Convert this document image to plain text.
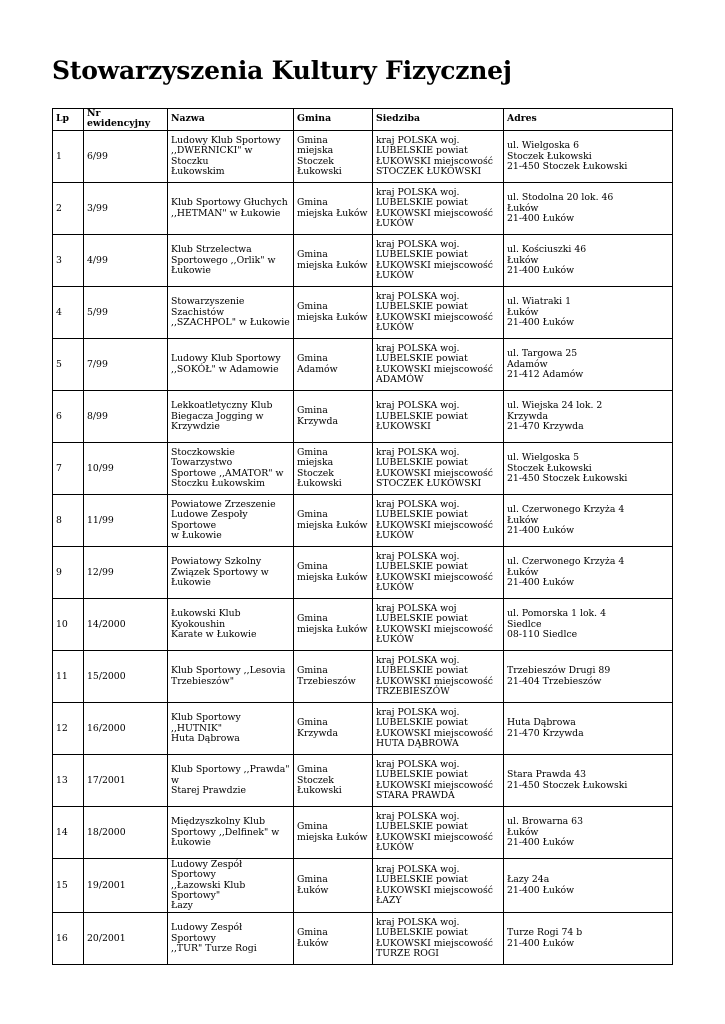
Stowarzyszenia Kultury Fizycznej
Lp	Nr ewidencyjny	Nazwa	Gmina	Siedziba	Adres
1	6/99	Ludowy Klub Sportowy
,,DWERNICKI" w Stoczku
Łukowskim	Gmina
miejska
Stoczek
Łukowski	kraj POLSKA woj.
LUBELSKIE powiat
ŁUKOWSKI miejscowość
STOCZEK ŁUKOWSKI	ul. Wielgoska 6
Stoczek Łukowski
21-450 Stoczek Łukowski
2	3/99	Klub Sportowy Głuchych
,,HETMAN" w Łukowie	Gmina
miejska Łuków	kraj POLSKA woj.
LUBELSKIE powiat
ŁUKOWSKI miejscowość
ŁUKÓW	ul. Stodolna 20 lok. 46
Łuków
21-400 Łuków
3	4/99	Klub Strzelectwa
Sportowego ,,Orlik" w
Łukowie	Gmina
miejska Łuków	kraj POLSKA woj.
LUBELSKIE powiat
ŁUKOWSKI miejscowość
ŁUKÓW	ul. Kościuszki 46
Łuków
21-400 Łuków
4	5/99	Stowarzyszenie Szachistów
,,SZACHPOL" w Łukowie	Gmina
miejska Łuków	kraj POLSKA woj.
LUBELSKIE powiat
ŁUKOWSKI miejscowość
ŁUKÓW	ul. Wiatraki 1
Łuków
21-400 Łuków
5	7/99	Ludowy Klub Sportowy
,,SOKÓŁ" w Adamowie	Gmina
Adamów	kraj POLSKA woj.
LUBELSKIE powiat
ŁUKOWSKI miejscowość
ADAMÓW	ul. Targowa 25
Adamów
21-412 Adamów
6	8/99	Lekkoatletyczny Klub
Biegacza Jogging w
Krzywdzie	Gmina
Krzywda	kraj POLSKA woj.
LUBELSKIE powiat
ŁUKOWSKI	ul. Wiejska 24 lok. 2
Krzywda
21-470 Krzywda
7	10/99	Stoczkowskie Towarzystwo
Sportowe ,,AMATOR" w
Stoczku Łukowskim	Gmina
miejska
Stoczek
Łukowski	kraj POLSKA woj.
LUBELSKIE powiat
ŁUKOWSKI miejscowość
STOCZEK ŁUKOWSKI	ul. Wielgoska 5
Stoczek Łukowski
21-450 Stoczek Łukowski
8	11/99	Powiatowe Zrzeszenie
Ludowe Zespoły Sportowe
w Łukowie	Gmina
miejska Łuków	kraj POLSKA woj.
LUBELSKIE powiat
ŁUKOWSKI miejscowość
ŁUKÓW	ul. Czerwonego Krzyża 4
Łuków
21-400 Łuków
9	12/99	Powiatowy Szkolny
Związek Sportowy w
Łukowie	Gmina
miejska Łuków	kraj POLSKA woj.
LUBELSKIE powiat
ŁUKOWSKI miejscowość
ŁUKÓW	ul. Czerwonego Krzyża 4
Łuków
21-400 Łuków
10	14/2000	Łukowski Klub Kyokoushin
Karate w Łukowie	Gmina
miejska Łuków	kraj POLSKA woj
LUBELSKIE powiat
ŁUKOWSKI miejscowość
ŁUKÓW	ul. Pomorska 1 lok. 4
Siedlce
08-110 Siedlce
11	15/2000	Klub Sportowy ,,Lesovia
Trzebieszów"	Gmina
Trzebieszów	kraj POLSKA woj.
LUBELSKIE powiat
ŁUKOWSKI miejscowość
TRZEBIESZÓW	Trzebieszów Drugi 89
21-404 Trzebieszów
12	16/2000	Klub Sportowy ,,HUTNIK"
Huta Dąbrowa	Gmina
Krzywda	kraj POLSKA woj.
LUBELSKIE powiat
ŁUKOWSKI miejscowość
HUTA DĄBROWA	Huta Dąbrowa
21-470 Krzywda
13	17/2001	Klub Sportowy ,,Prawda" w
Starej Prawdzie	Gmina
Stoczek
Łukowski	kraj POLSKA woj.
LUBELSKIE powiat
ŁUKOWSKI miejscowość
STARA PRAWDA	Stara Prawda 43
21-450 Stoczek Łukowski
14	18/2000	Międzyszkolny Klub
Sportowy ,,Delfinek" w
Łukowie	Gmina
miejska Łuków	kraj POLSKA woj.
LUBELSKIE powiat
ŁUKOWSKI miejscowość
ŁUKÓW	ul. Browarna 63
Łuków
21-400 Łuków
15	19/2001	Ludowy Zespół Sportowy
,,Łazowski Klub Sportowy"
Łazy	Gmina
Łuków	kraj POLSKA woj.
LUBELSKIE powiat
ŁUKOWSKI miejscowość
ŁAZY	Łazy 24a
21-400 Łuków
16	20/2001	Ludowy Zespół Sportowy
,,TUR" Turze Rogi	Gmina
Łuków	kraj POLSKA woj.
LUBELSKIE powiat
ŁUKOWSKI miejscowość
TURZE ROGI	Turze Rogi 74 b
21-400 Łuków
